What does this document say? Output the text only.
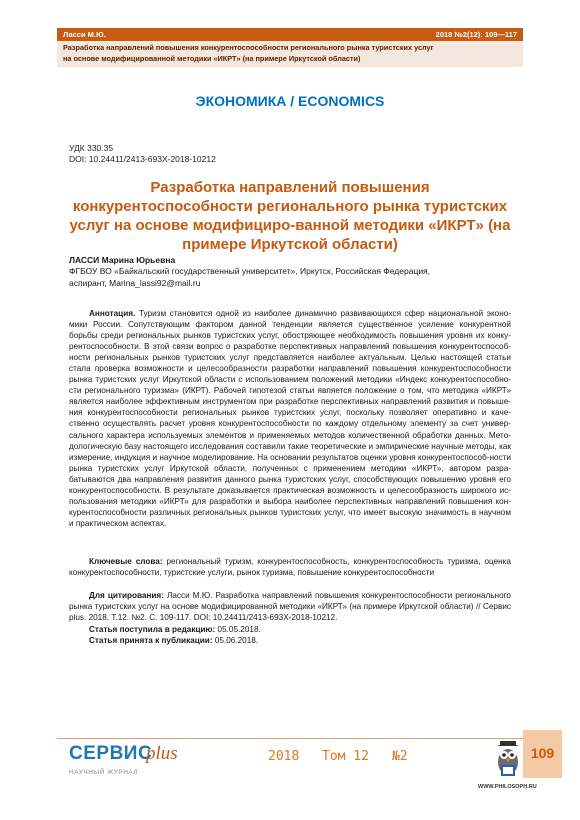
Ласси М.Ю.	2018 №2(12): 109—117
Разработка направлений повышения конкурентоспособности регионального рынка туристских услуг на основе модифицированной методики «ИКРТ» (на примере Иркутской области)
ЭКОНОМИКА / ECONOMICS
УДК 330.35
DOI: 10.24411/2413-693X-2018-10212
Разработка направлений повышения конкурентоспособности регионального рынка туристских услуг на основе модифициро-ванной методики «ИКРТ» (на примере Иркутской области)
ЛАССИ Марина Юрьевна
ФГБОУ ВО «Байкальский государственный университет», Иркутск, Российская Федерация,
аспирант, Marina_lassi92@mail.ru
Аннотация. Туризм становится одной из наиболее динамично развивающихся сфер национальной эконо-мики России. Сопутствующим фактором данной тенденции является существенное усиление конкурентной борьбы среди региональных рынков туристских услуг, обостряющее необходимость повышения уровня их конку-рентоспособности. В этой связи вопрос о разработке перспективных направлений повышения конкурентоспособ-ности региональных рынков туристских услуг представляется наиболее актуальным. Целью настоящей статьи стала проверка возможности и целесообразности разработки направлений повышения конкурентоспособности рынка туристских услуг Иркутской области с использованием положений методики «Индекс конкурентоспособно-сти регионального туризма» (ИКРТ). Рабочей гипотезой статьи является положение о том, что методика «ИКРТ» является наиболее эффективным инструментом при разработке перспективных направлений развития и повыше-ния конкурентоспособности региональных рынков туристских услуг, поскольку позволяет оперативно и каче-ственно осуществлять расчет уровня конкурентоспособности по каждому отдельному элементу за счет универ-сального характера используемых элементов и применяемых методов количественной обработки данных. Мето-дологическую базу настоящего исследования составили такие теоретические и эмпирические научные методы, как измерение, индукция и научное моделирование. На основании результатов оценки уровня конкурентоспособ-ности рынка туристских услуг Иркутской области, полученных с применением методики «ИКРТ», автором разра-батываются два направления развития данного рынка туристских услуг, способствующих повышению уровня его конкурентоспособности. В результате доказывается практическая возможность и целесообразность широкого ис-пользования методики «ИКРТ» для разработки и выбора наиболее перспективных направлений повышения кон-курентоспособности различных региональных рынков туристских услуг, что имеет высокую значимость в научном и практическом аспектах.
Ключевые слова: региональный туризм, конкурентоспособность, конкурентоспособность туризма, оценка конкурентоспособности, туристские услуги, рынок туризма, повышение конкурентоспособности
Для цитирования: Ласси М.Ю. Разработка направлений повышения конкурентоспособности регионального рынка туристских услуг на основе модифицированной методики «ИКРТ» (на примере Иркутской области) // Сервис plus. 2018. Т.12. №2. С. 109-117. DOI: 10.24411/2413-693X-2018-10212.
Статья поступила в редакцию: 05.05.2018.
Статья принята к публикации: 05.06.2018.
СЕРВИС
plus
НАУЧНЫЙ ЖУРНАЛ
2018 Том 12 №2
WWW.PHILOSOPH.RU
109
